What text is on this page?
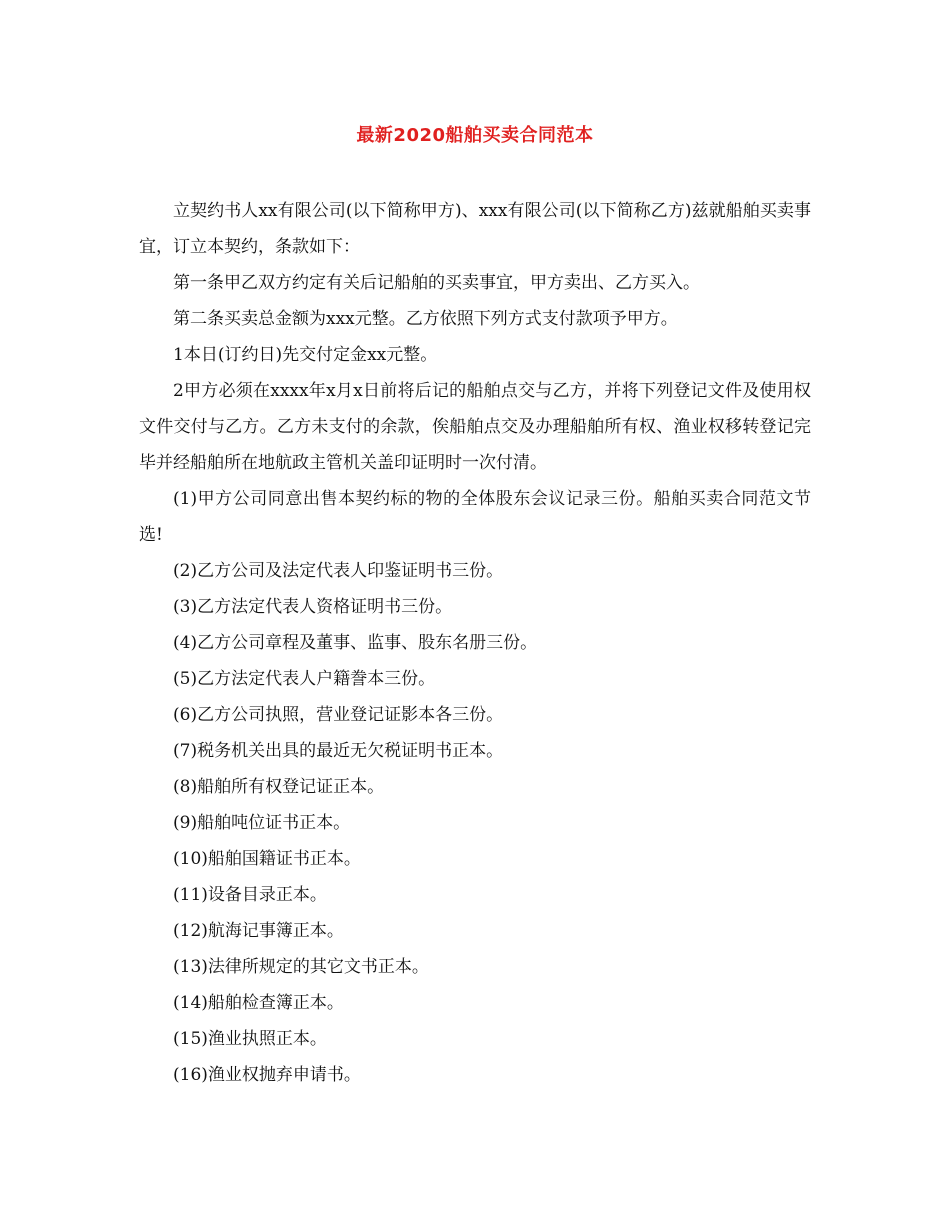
最新2020船舶买卖合同范本

立契约书人xx有限公司(以下简称甲方)、xxx有限公司(以下简称乙方)兹就船舶买卖事宜，订立本契约，条款如下：

第一条甲乙双方约定有关后记船舶的买卖事宜，甲方卖出、乙方买入。

第二条买卖总金额为xxx元整。乙方依照下列方式支付款项予甲方。

1本日(订约日)先交付定金xx元整。

2甲方必须在xxxx年x月x日前将后记的船舶点交与乙方，并将下列登记文件及使用权文件交付与乙方。乙方未支付的余款，俟船舶点交及办理船舶所有权、渔业权移转登记完毕并经船舶所在地航政主管机关盖印证明时一次付清。

(1)甲方公司同意出售本契约标的物的全体股东会议记录三份。船舶买卖合同范文节选!

(2)乙方公司及法定代表人印鉴证明书三份。

(3)乙方法定代表人资格证明书三份。

(4)乙方公司章程及董事、监事、股东名册三份。

(5)乙方法定代表人户籍誊本三份。

(6)乙方公司执照，营业登记证影本各三份。

(7)税务机关出具的最近无欠税证明书正本。

(8)船舶所有权登记证正本。

(9)船舶吨位证书正本。

(10)船舶国籍证书正本。

(11)设备目录正本。

(12)航海记事簿正本。

(13)法律所规定的其它文书正本。

(14)船舶检查簿正本。

(15)渔业执照正本。

(16)渔业权抛弃申请书。
